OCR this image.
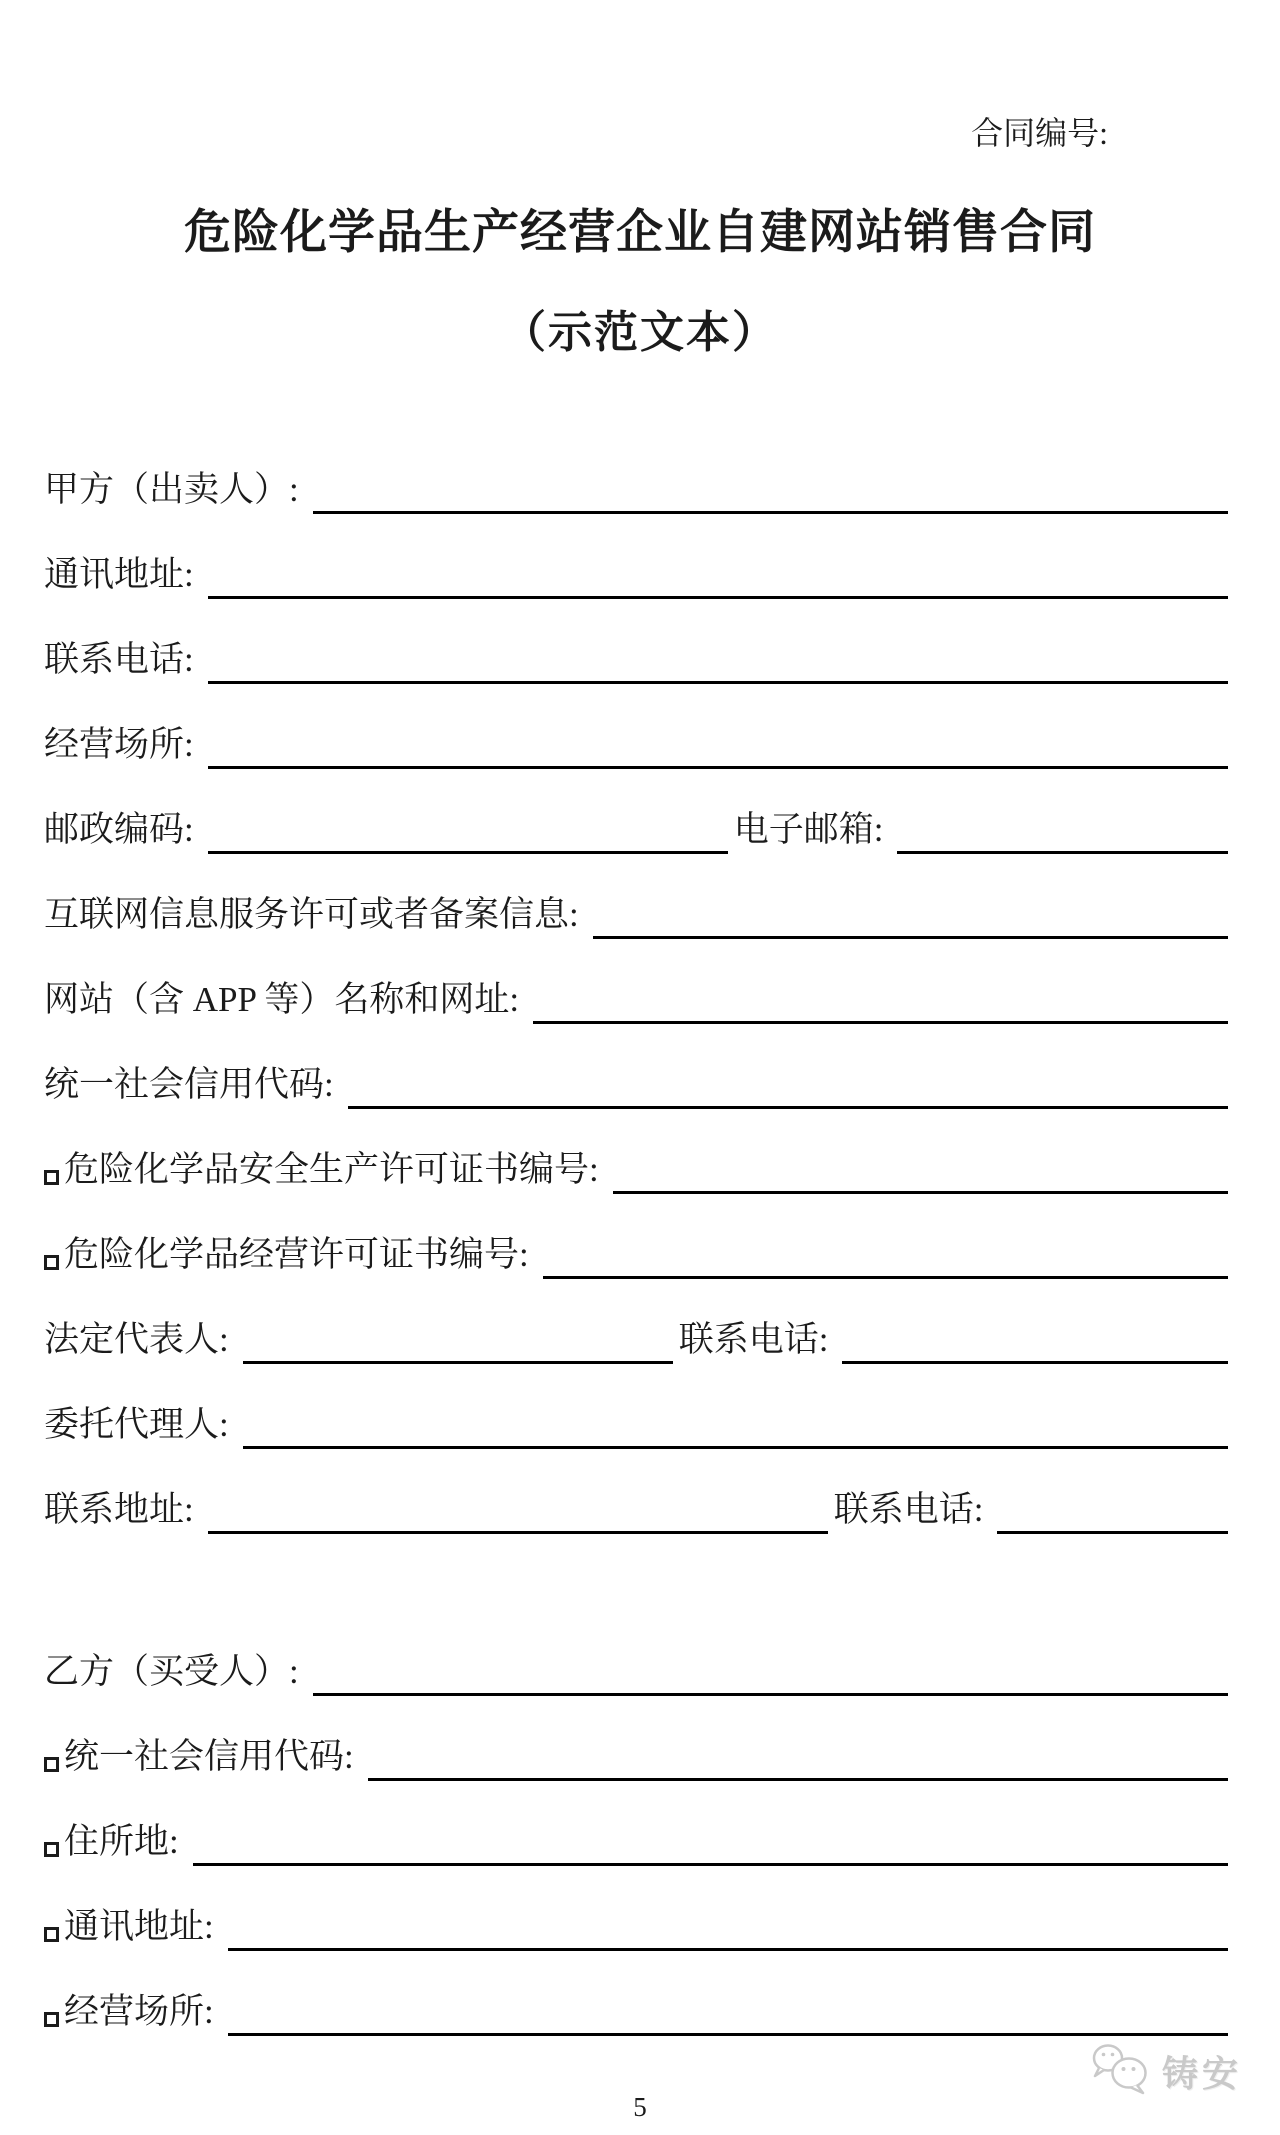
合同编号:
危险化学品生产经营企业自建网站销售合同
（示范文本）
甲方（出卖人）:
通讯地址:
联系电话:
经营场所:
邮政编码:	电子邮箱:
互联网信息服务许可或者备案信息:
网站（含 APP 等）名称和网址:
统一社会信用代码:
危险化学品安全生产许可证书编号:
危险化学品经营许可证书编号:
法定代表人:	联系电话:
委托代理人:
联系地址:	联系电话:
乙方（买受人）:
统一社会信用代码:
住所地:
通讯地址:
经营场所:
5
铸安
